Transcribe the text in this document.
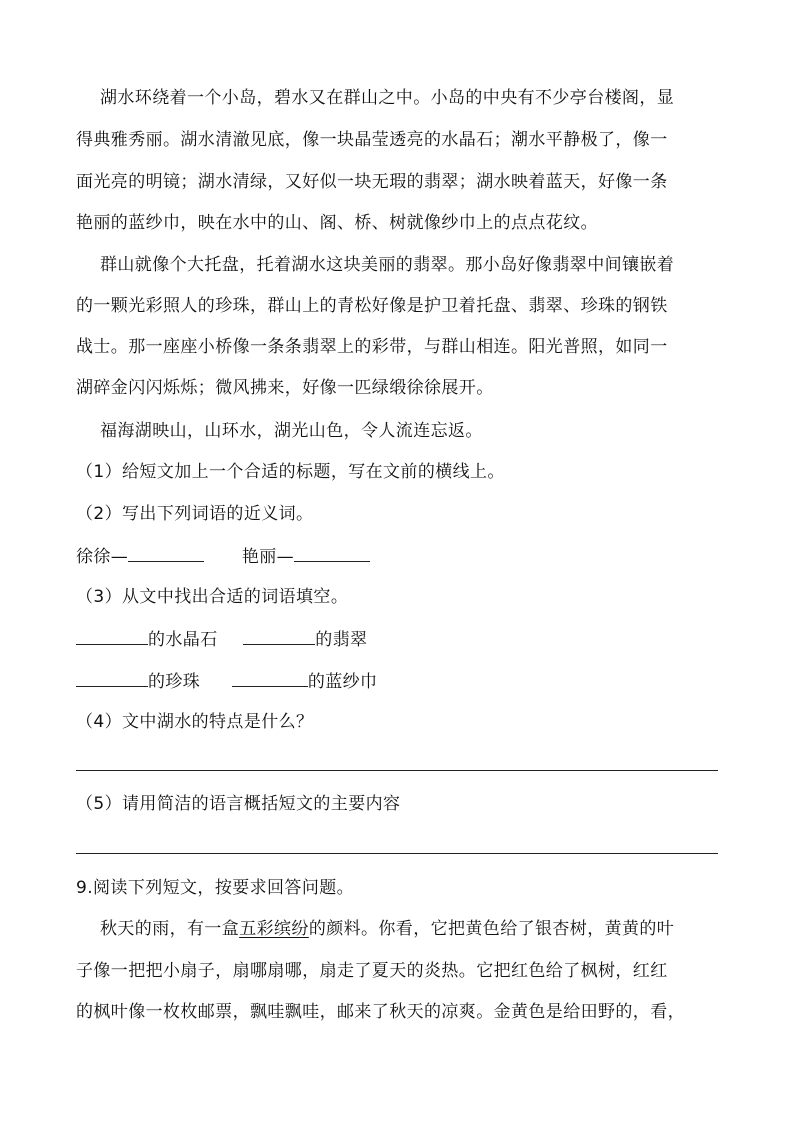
湖水环绕着一个小岛，碧水又在群山之中。小岛的中央有不少亭台楼阁，显
得典雅秀丽。湖水清澈见底，像一块晶莹透亮的水晶石；潮水平静极了，像一
面光亮的明镜；湖水清绿，又好似一块无瑕的翡翠；湖水映着蓝天，好像一条
艳丽的蓝纱巾，映在水中的山、阁、桥、树就像纱巾上的点点花纹。
群山就像个大托盘，托着湖水这块美丽的翡翠。那小岛好像翡翠中间镶嵌着
的一颗光彩照人的珍珠，群山上的青松好像是护卫着托盘、翡翠、珍珠的钢铁
战士。那一座座小桥像一条条翡翠上的彩带，与群山相连。阳光普照，如同一
湖碎金闪闪烁烁；微风拂来，好像一匹绿缎徐徐展开。
福海湖映山，山环水，湖光山色，令人流连忘返。
（1）给短文加上一个合适的标题，写在文前的横线上。
（2）写出下列词语的近义词。
徐徐—	艳丽—
（3）从文中找出合适的词语填空。
的水晶石	的翡翠
的珍珠	的蓝纱巾
（4）文中湖水的特点是什么？
（5）请用简洁的语言概括短文的主要内容
9.阅读下列短文，按要求回答问题。
秋天的雨，有一盒五彩缤纷的颜料。你看，它把黄色给了银杏树，黄黄的叶
子像一把把小扇子，扇哪扇哪，扇走了夏天的炎热。它把红色给了枫树，红红
的枫叶像一枚枚邮票，飘哇飘哇，邮来了秋天的凉爽。金黄色是给田野的，看，
